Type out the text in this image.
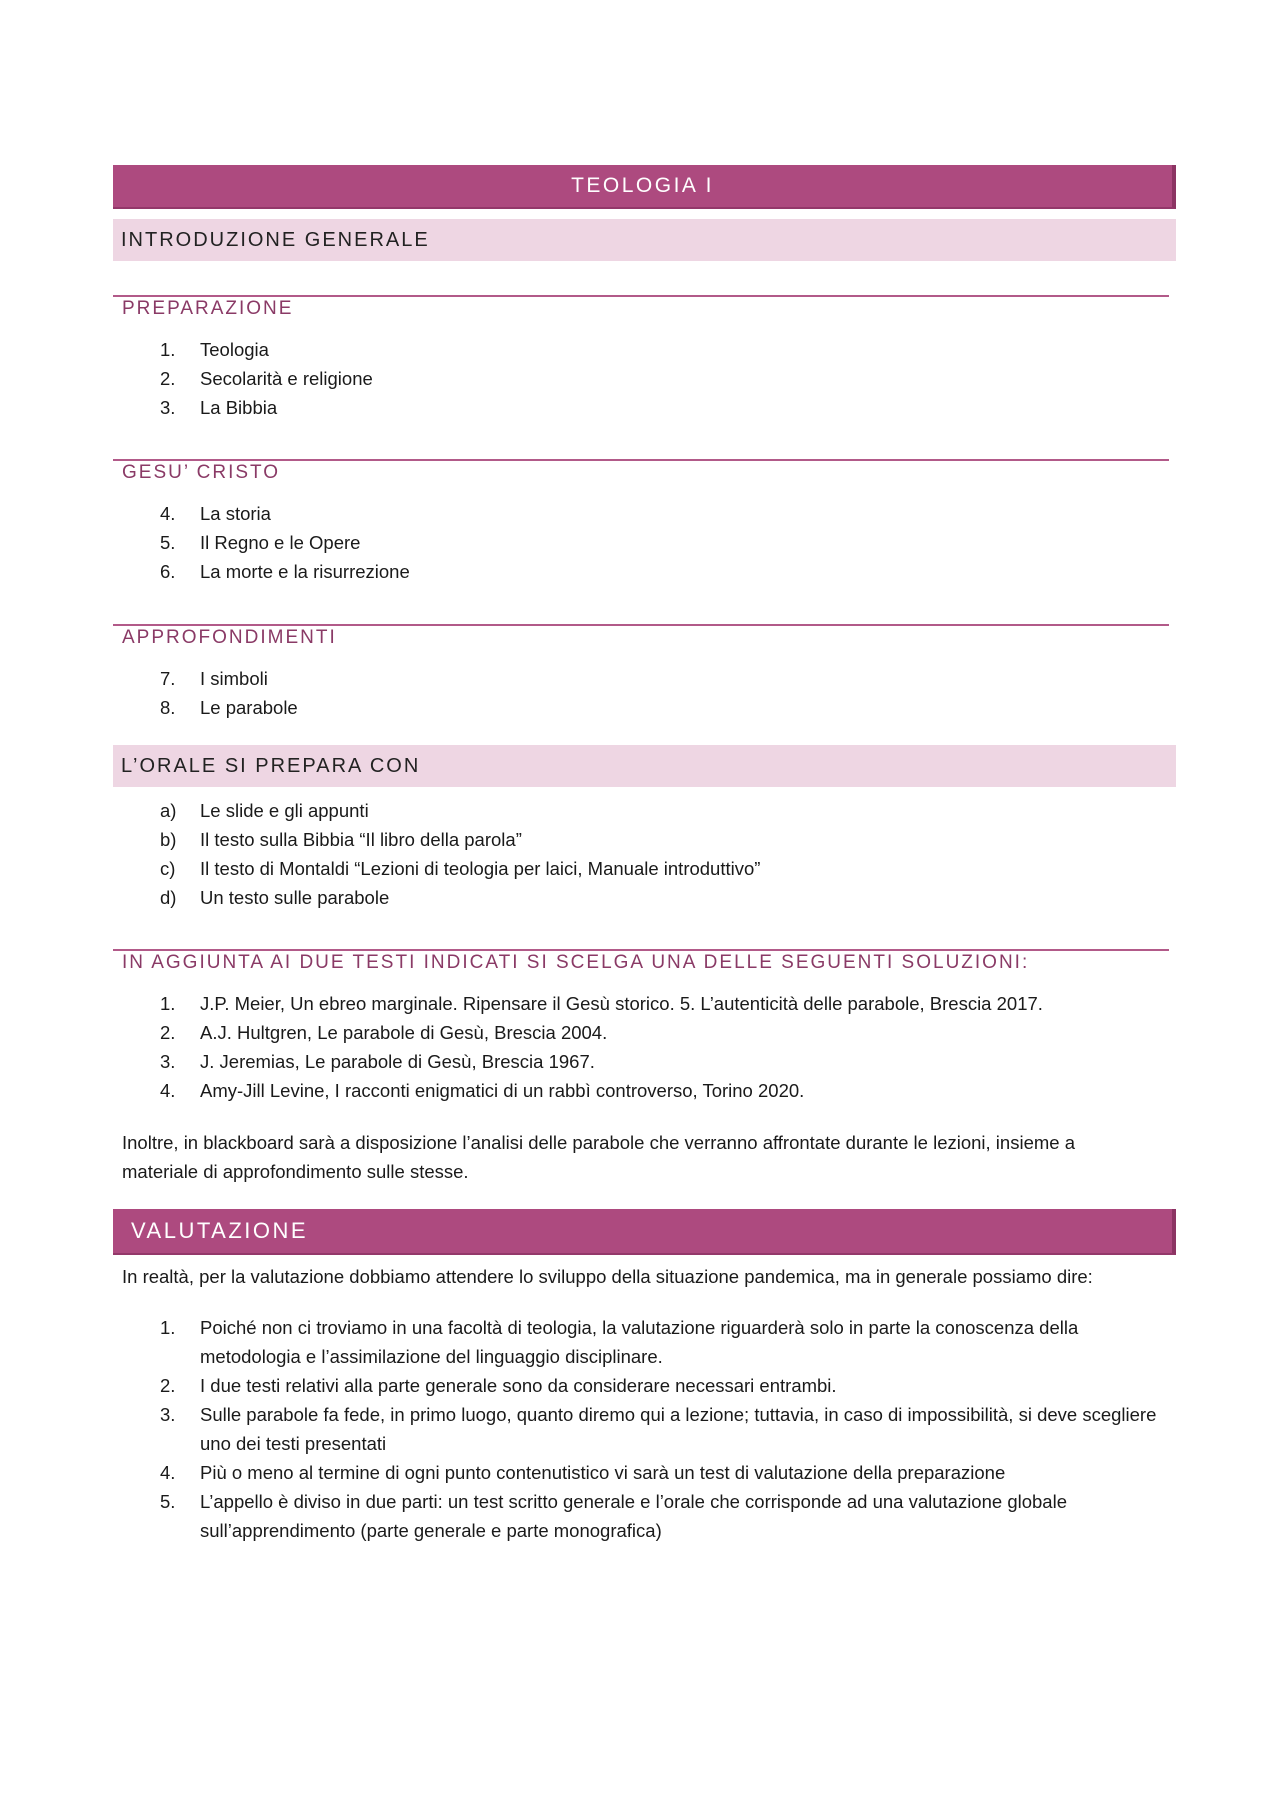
TEOLOGIA I
INTRODUZIONE GENERALE
PREPARAZIONE
1.	Teologia
2.	Secolarità e religione
3.	La Bibbia
GESU’ CRISTO
4.	La storia
5.	Il Regno e le Opere
6.	La morte e la risurrezione
APPROFONDIMENTI
7.	I simboli
8.	Le parabole
L’ORALE SI PREPARA CON
a)	Le slide e gli appunti
b)	Il testo sulla Bibbia “Il libro della parola”
c)	Il testo di Montaldi “Lezioni di teologia per laici, Manuale introduttivo”
d)	Un testo sulle parabole
IN AGGIUNTA AI DUE TESTI INDICATI SI SCELGA UNA DELLE SEGUENTI SOLUZIONI:
1.	J.P. Meier, Un ebreo marginale. Ripensare il Gesù storico. 5. L’autenticità delle parabole, Brescia 2017.
2.	A.J. Hultgren, Le parabole di Gesù, Brescia 2004.
3.	J. Jeremias, Le parabole di Gesù, Brescia 1967.
4.	Amy-Jill Levine, I racconti enigmatici di un rabbì controverso, Torino 2020.

Inoltre, in blackboard sarà a disposizione l’analisi delle parabole che verranno affrontate durante le lezioni, insieme a materiale di approfondimento sulle stesse.

VALUTAZIONE

In realtà, per la valutazione dobbiamo attendere lo sviluppo della situazione pandemica, ma in generale possiamo dire:

1.	Poiché non ci troviamo in una facoltà di teologia, la valutazione riguarderà solo in parte la conoscenza della metodologia e l’assimilazione del linguaggio disciplinare.
2.	I due testi relativi alla parte generale sono da considerare necessari entrambi.
3.	Sulle parabole fa fede, in primo luogo, quanto diremo qui a lezione; tuttavia, in caso di impossibilità, si deve scegliere uno dei testi presentati
4.	Più o meno al termine di ogni punto contenutistico vi sarà un test di valutazione della preparazione
5.	L’appello è diviso in due parti: un test scritto generale e l’orale che corrisponde ad una valutazione globale sull’apprendimento (parte generale e parte monografica)
